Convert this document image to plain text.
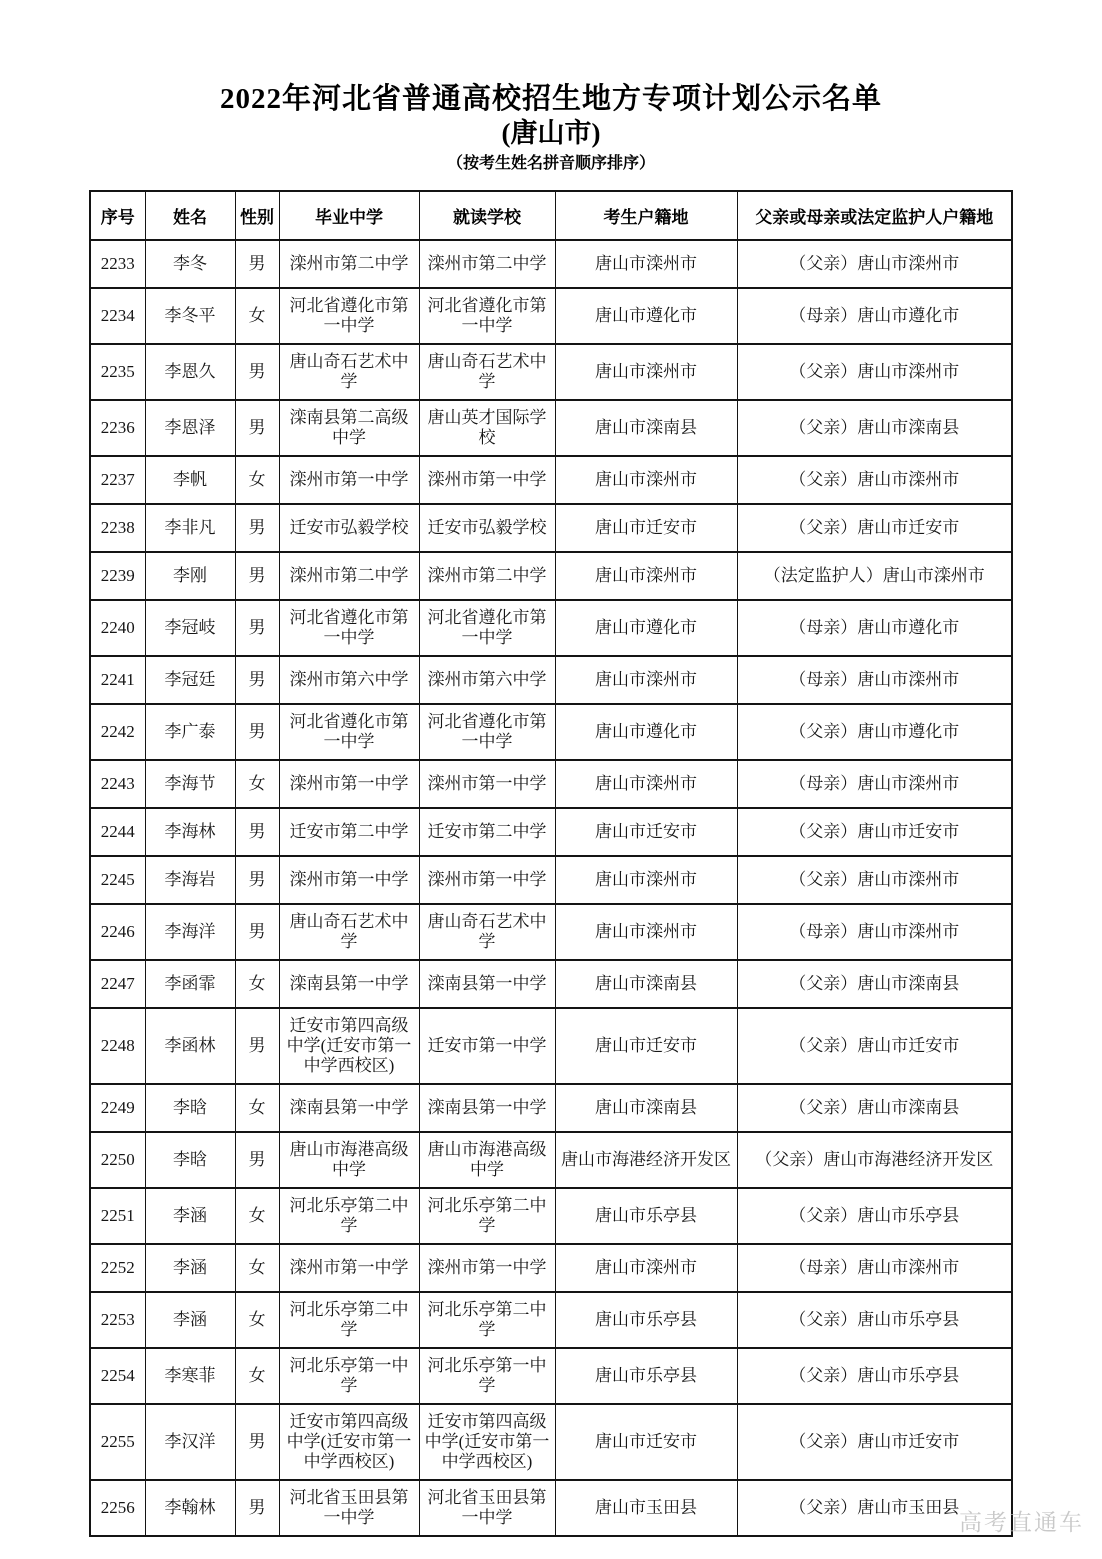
2022年河北省普通高校招生地方专项计划公示名单
(唐山市)
（按考生姓名拼音顺序排序）
序号	姓名	性别	毕业中学	就读学校	考生户籍地	父亲或母亲或法定监护人户籍地
2233	李冬	男	滦州市第二中学	滦州市第二中学	唐山市滦州市	（父亲）唐山市滦州市
2234	李冬平	女	河北省遵化市第一中学	河北省遵化市第一中学	唐山市遵化市	（母亲）唐山市遵化市
2235	李恩久	男	唐山奇石艺术中学	唐山奇石艺术中学	唐山市滦州市	（父亲）唐山市滦州市
2236	李恩泽	男	滦南县第二高级中学	唐山英才国际学校	唐山市滦南县	（父亲）唐山市滦南县
2237	李帆	女	滦州市第一中学	滦州市第一中学	唐山市滦州市	（父亲）唐山市滦州市
2238	李非凡	男	迁安市弘毅学校	迁安市弘毅学校	唐山市迁安市	（父亲）唐山市迁安市
2239	李刚	男	滦州市第二中学	滦州市第二中学	唐山市滦州市	（法定监护人）唐山市滦州市
2240	李冠岐	男	河北省遵化市第一中学	河北省遵化市第一中学	唐山市遵化市	（母亲）唐山市遵化市
2241	李冠廷	男	滦州市第六中学	滦州市第六中学	唐山市滦州市	（母亲）唐山市滦州市
2242	李广泰	男	河北省遵化市第一中学	河北省遵化市第一中学	唐山市遵化市	（父亲）唐山市遵化市
2243	李海节	女	滦州市第一中学	滦州市第一中学	唐山市滦州市	（母亲）唐山市滦州市
2244	李海林	男	迁安市第二中学	迁安市第二中学	唐山市迁安市	（父亲）唐山市迁安市
2245	李海岩	男	滦州市第一中学	滦州市第一中学	唐山市滦州市	（父亲）唐山市滦州市
2246	李海洋	男	唐山奇石艺术中学	唐山奇石艺术中学	唐山市滦州市	（母亲）唐山市滦州市
2247	李函霏	女	滦南县第一中学	滦南县第一中学	唐山市滦南县	（父亲）唐山市滦南县
2248	李函林	男	迁安市第四高级中学(迁安市第一中学西校区)	迁安市第一中学	唐山市迁安市	（父亲）唐山市迁安市
2249	李晗	女	滦南县第一中学	滦南县第一中学	唐山市滦南县	（父亲）唐山市滦南县
2250	李晗	男	唐山市海港高级中学	唐山市海港高级中学	唐山市海港经济开发区	（父亲）唐山市海港经济开发区
2251	李涵	女	河北乐亭第二中学	河北乐亭第二中学	唐山市乐亭县	（父亲）唐山市乐亭县
2252	李涵	女	滦州市第一中学	滦州市第一中学	唐山市滦州市	（母亲）唐山市滦州市
2253	李涵	女	河北乐亭第二中学	河北乐亭第二中学	唐山市乐亭县	（父亲）唐山市乐亭县
2254	李寒菲	女	河北乐亭第一中学	河北乐亭第一中学	唐山市乐亭县	（父亲）唐山市乐亭县
2255	李汉洋	男	迁安市第四高级中学(迁安市第一中学西校区)	迁安市第四高级中学(迁安市第一中学西校区)	唐山市迁安市	（父亲）唐山市迁安市
2256	李翰林	男	河北省玉田县第一中学	河北省玉田县第一中学	唐山市玉田县	（父亲）唐山市玉田县
高考直通车
